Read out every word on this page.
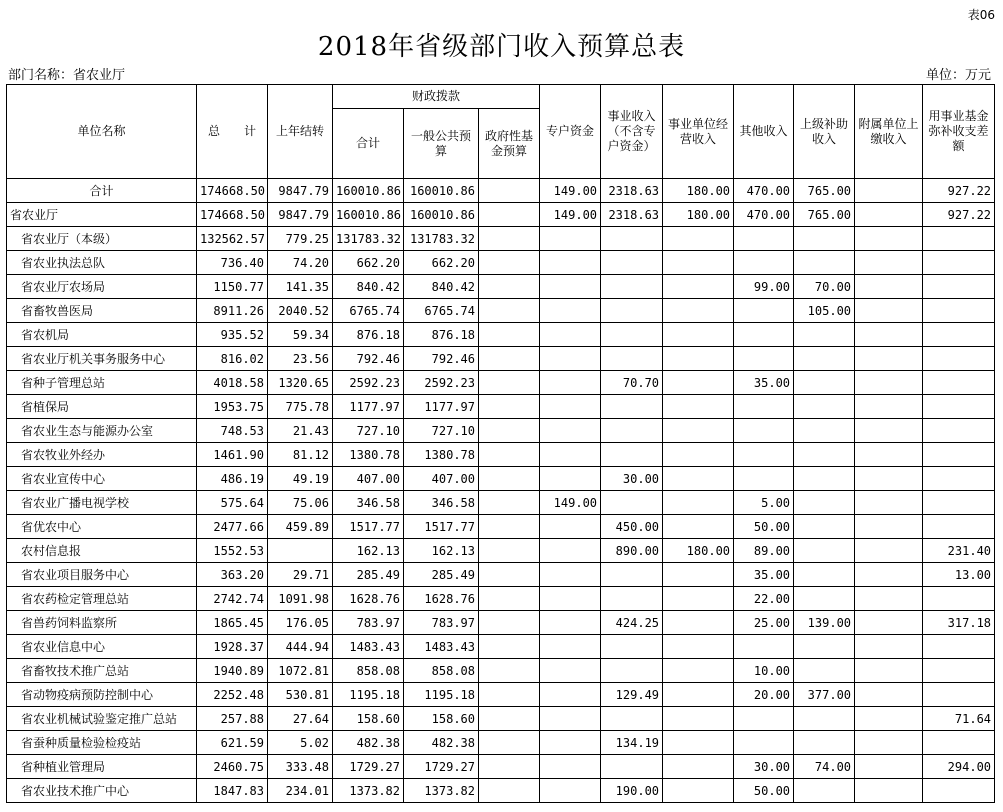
表06
2018年省级部门收入预算总表
部门名称：省农业厅	单位：万元
单位名称	总　　计	上年结转	财政拨款			专户资金	事业收入（不含专户资金）	事业单位经营收入	其他收入	上级补助收入	附属单位上缴收入	用事业基金弥补收支差额
			合计	一般公共预算	政府性基金预算							
合计	174668.50	9847.79	160010.86	160010.86		149.00	2318.63	180.00	470.00	765.00		927.22
省农业厅	174668.50	9847.79	160010.86	160010.86		149.00	2318.63	180.00	470.00	765.00		927.22
省农业厅（本级）	132562.57	779.25	131783.32	131783.32								
省农业执法总队	736.40	74.20	662.20	662.20								
省农业厅农场局	1150.77	141.35	840.42	840.42					99.00	70.00		
省畜牧兽医局	8911.26	2040.52	6765.74	6765.74						105.00		
省农机局	935.52	59.34	876.18	876.18								
省农业厅机关事务服务中心	816.02	23.56	792.46	792.46								
省种子管理总站	4018.58	1320.65	2592.23	2592.23			70.70		35.00			
省植保局	1953.75	775.78	1177.97	1177.97								
省农业生态与能源办公室	748.53	21.43	727.10	727.10								
省农牧业外经办	1461.90	81.12	1380.78	1380.78								
省农业宣传中心	486.19	49.19	407.00	407.00			30.00					
省农业广播电视学校	575.64	75.06	346.58	346.58		149.00			5.00			
省优农中心	2477.66	459.89	1517.77	1517.77			450.00		50.00			
农村信息报	1552.53		162.13	162.13			890.00	180.00	89.00			231.40
省农业项目服务中心	363.20	29.71	285.49	285.49					35.00			13.00
省农药检定管理总站	2742.74	1091.98	1628.76	1628.76					22.00			
省兽药饲料监察所	1865.45	176.05	783.97	783.97			424.25		25.00	139.00		317.18
省农业信息中心	1928.37	444.94	1483.43	1483.43								
省畜牧技术推广总站	1940.89	1072.81	858.08	858.08					10.00			
省动物疫病预防控制中心	2252.48	530.81	1195.18	1195.18			129.49		20.00	377.00		
省农业机械试验鉴定推广总站	257.88	27.64	158.60	158.60								71.64
省蚕种质量检验检疫站	621.59	5.02	482.38	482.38			134.19					
省种植业管理局	2460.75	333.48	1729.27	1729.27					30.00	74.00		294.00
省农业技术推广中心	1847.83	234.01	1373.82	1373.82			190.00		50.00			
